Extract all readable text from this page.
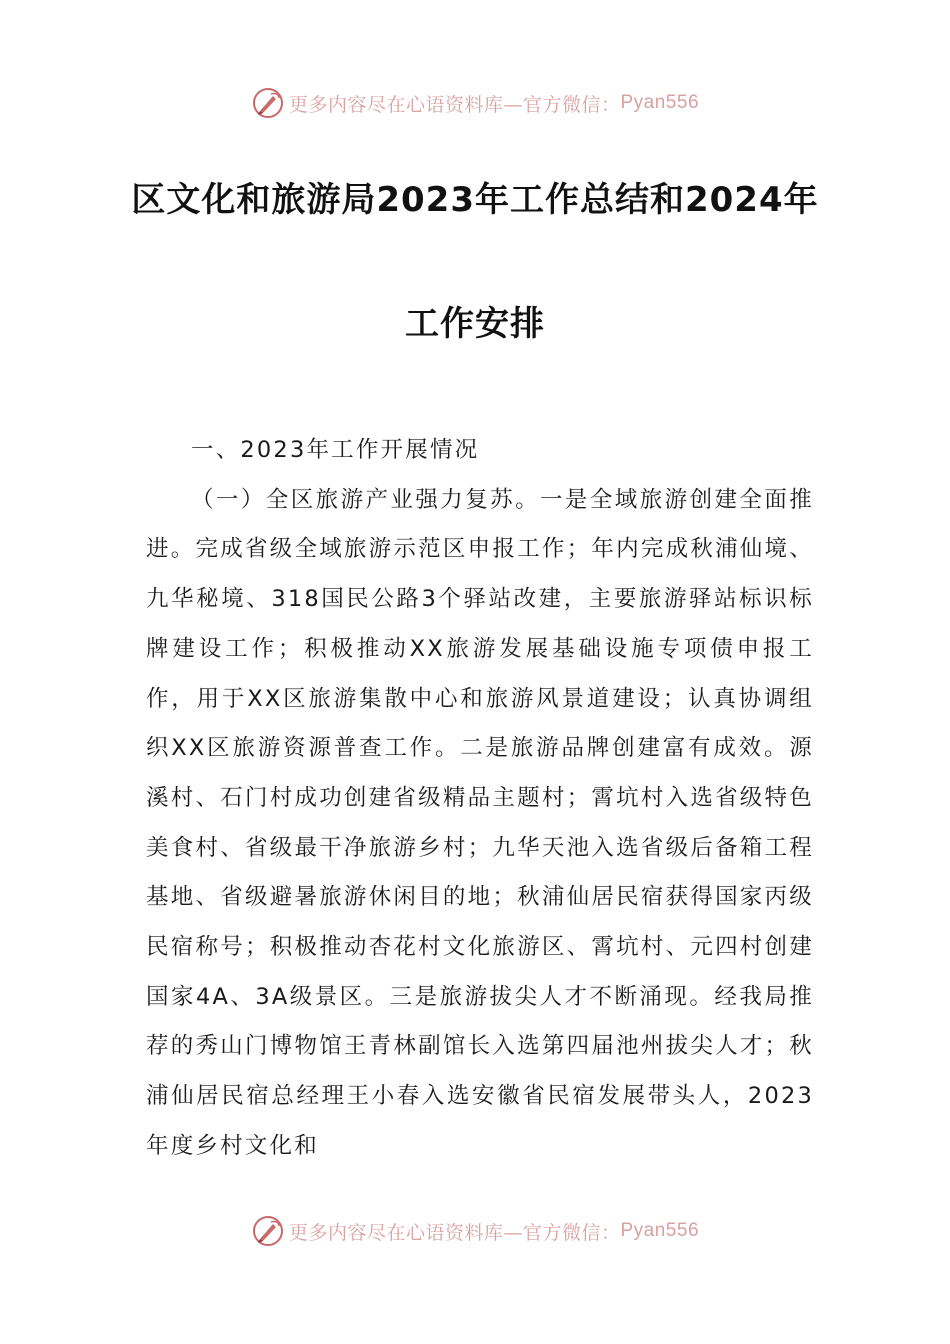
更多内容尽在心语资料库—官方微信： Pyan556
区文化和旅游局2023年工作总结和2024年
工作安排

一、2023年工作开展情况

（一）全区旅游产业强力复苏。一是全域旅游创建全面推进。完成省级全域旅游示范区申报工作；年内完成秋浦仙境、九华秘境、318国民公路3个驿站改建，主要旅游驿站标识标牌建设工作；积极推动XX旅游发展基础设施专项债申报工作，用于XX区旅游集散中心和旅游风景道建设；认真协调组织XX区旅游资源普查工作。二是旅游品牌创建富有成效。源溪村、石门村成功创建省级精品主题村；霄坑村入选省级特色美食村、省级最干净旅游乡村；九华天池入选省级后备箱工程基地、省级避暑旅游休闲目的地；秋浦仙居民宿获得国家丙级民宿称号；积极推动杏花村文化旅游区、霄坑村、元四村创建国家4A、3A级景区。三是旅游拔尖人才不断涌现。经我局推荐的秀山门博物馆王青林副馆长入选第四届池州拔尖人才；秋浦仙居民宿总经理王小春入选安徽省民宿发展带头人，2023年度乡村文化和

更多内容尽在心语资料库—官方微信： Pyan556
